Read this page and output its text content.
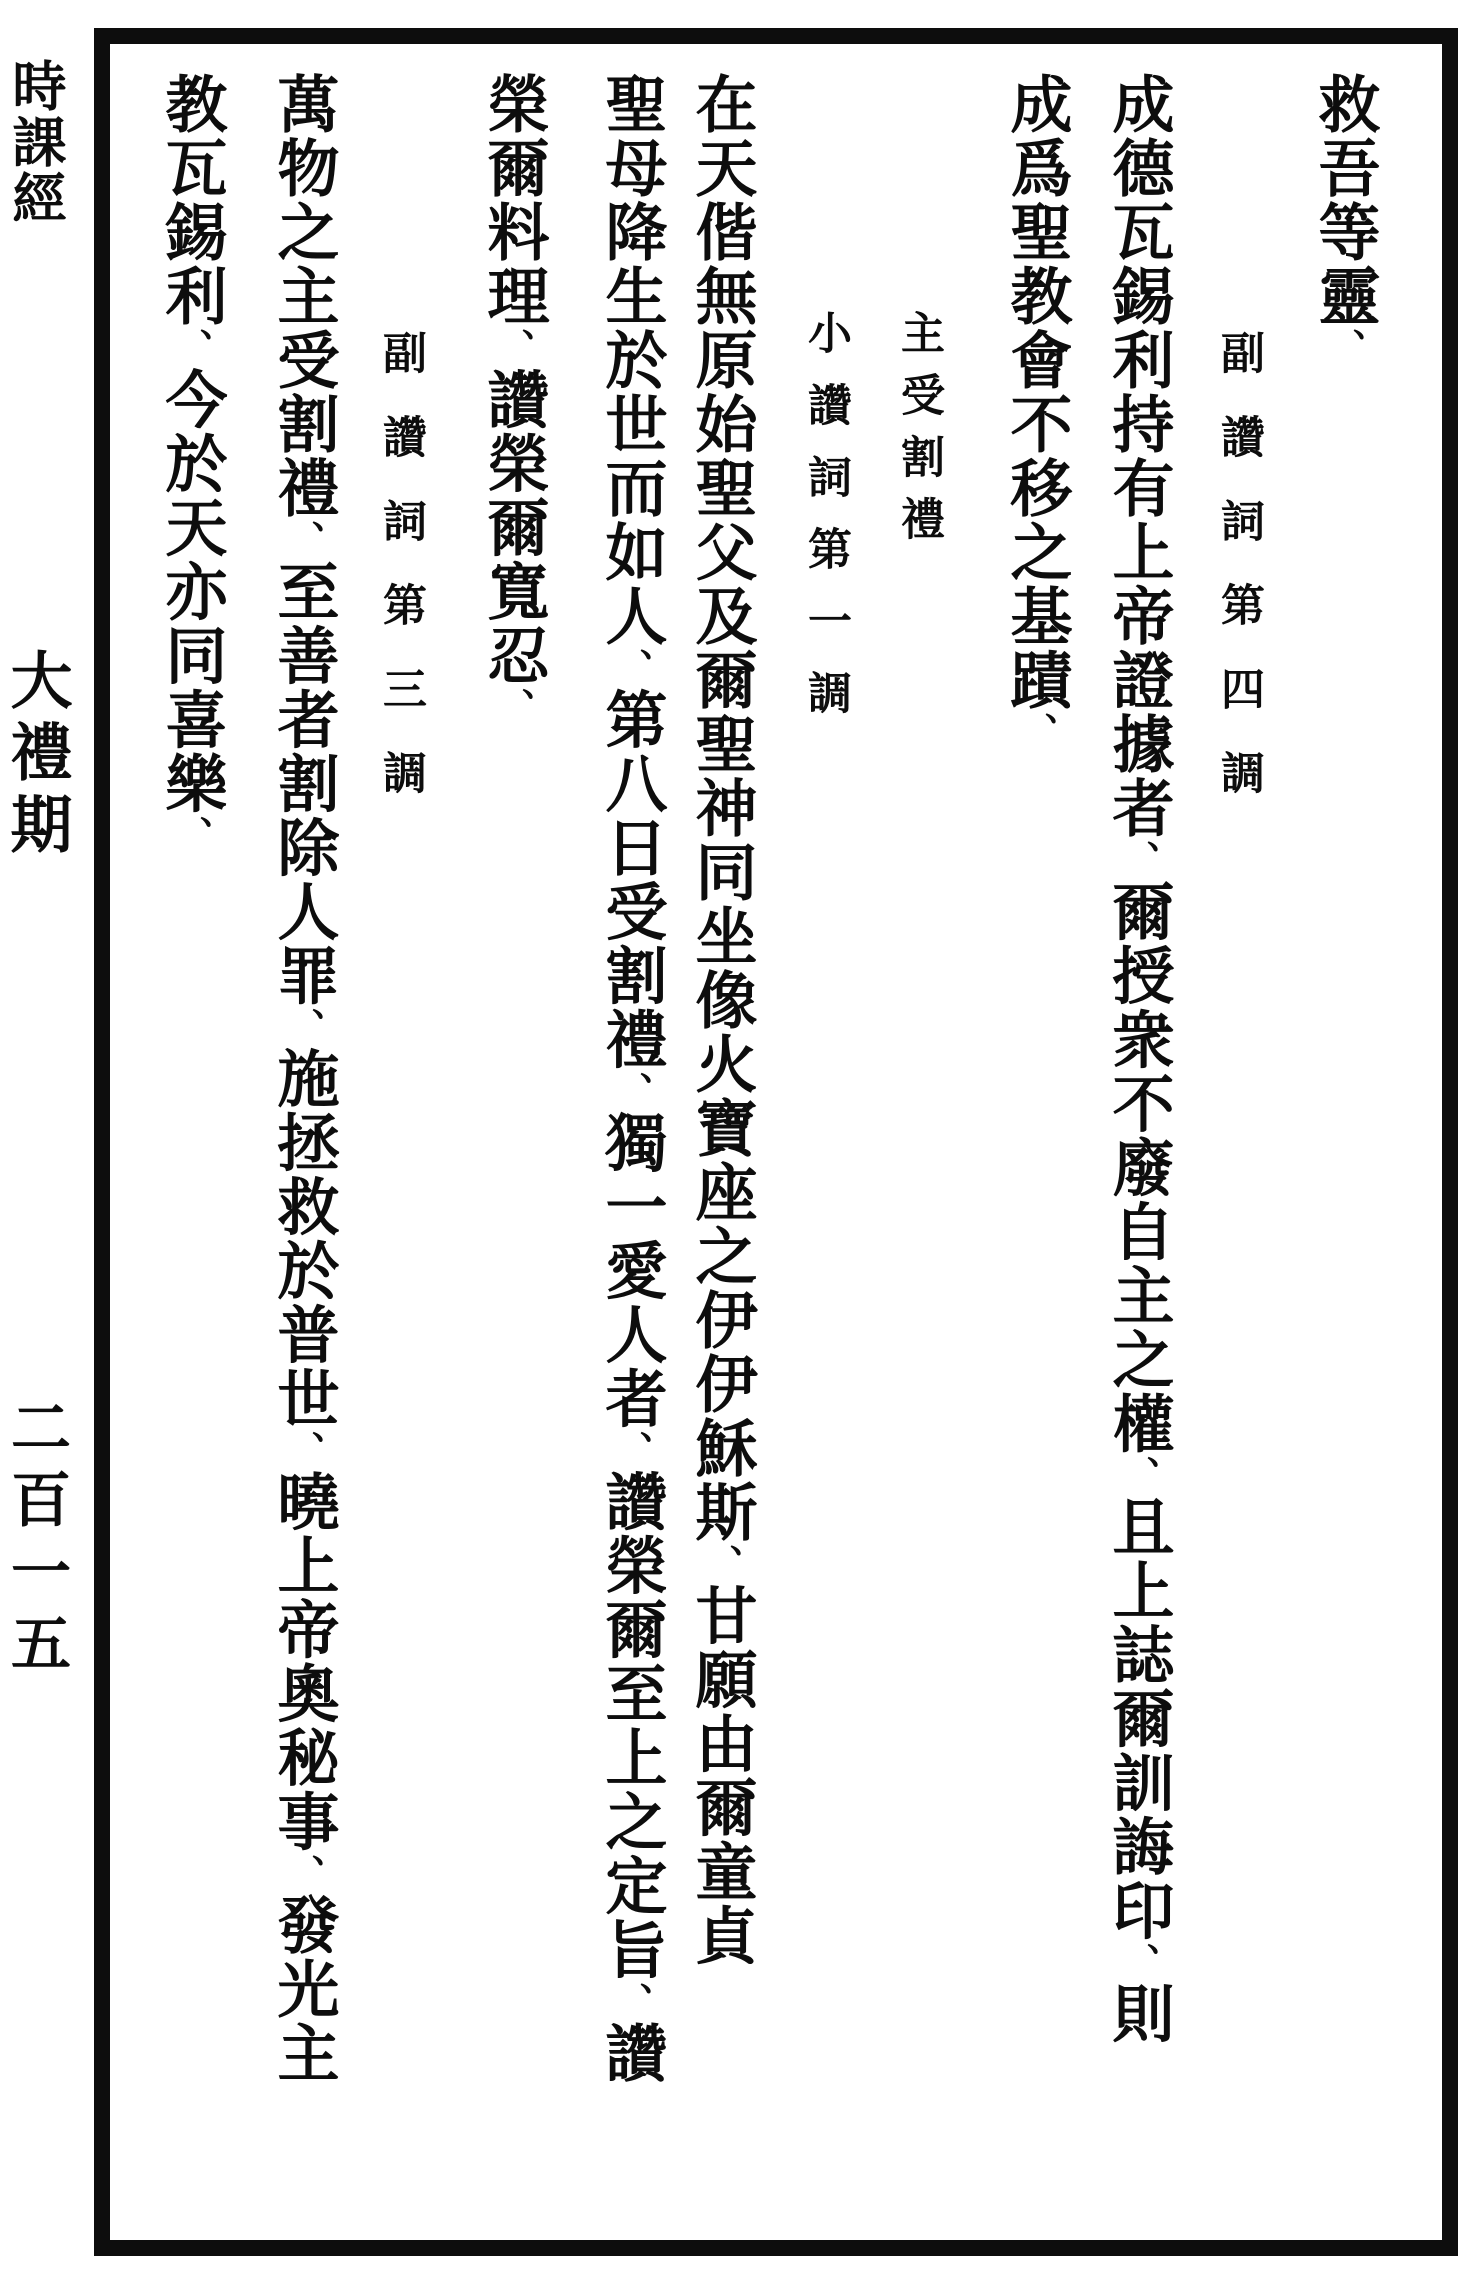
時課經
大禮期
二百一五
救吾等靈、
副讚詞第四調
成德瓦錫利持有上帝證據者、爾授衆不廢自主之權、且上誌爾訓誨印、則
成爲聖教會不移之基蹟、
主受割禮
小讚詞第一調
在天偕無原始聖父及爾聖神同坐像火寶座之伊伊穌斯、甘願由爾童貞
聖母降生於世而如人、第八日受割禮、獨一愛人者、讚榮爾至上之定旨、讚
榮爾料理、讚榮爾寬忍、
副讚詞第三調
萬物之主受割禮、至善者割除人罪、施拯救於普世、曉上帝奧秘事、發光主
教瓦錫利、今於天亦同喜樂、
